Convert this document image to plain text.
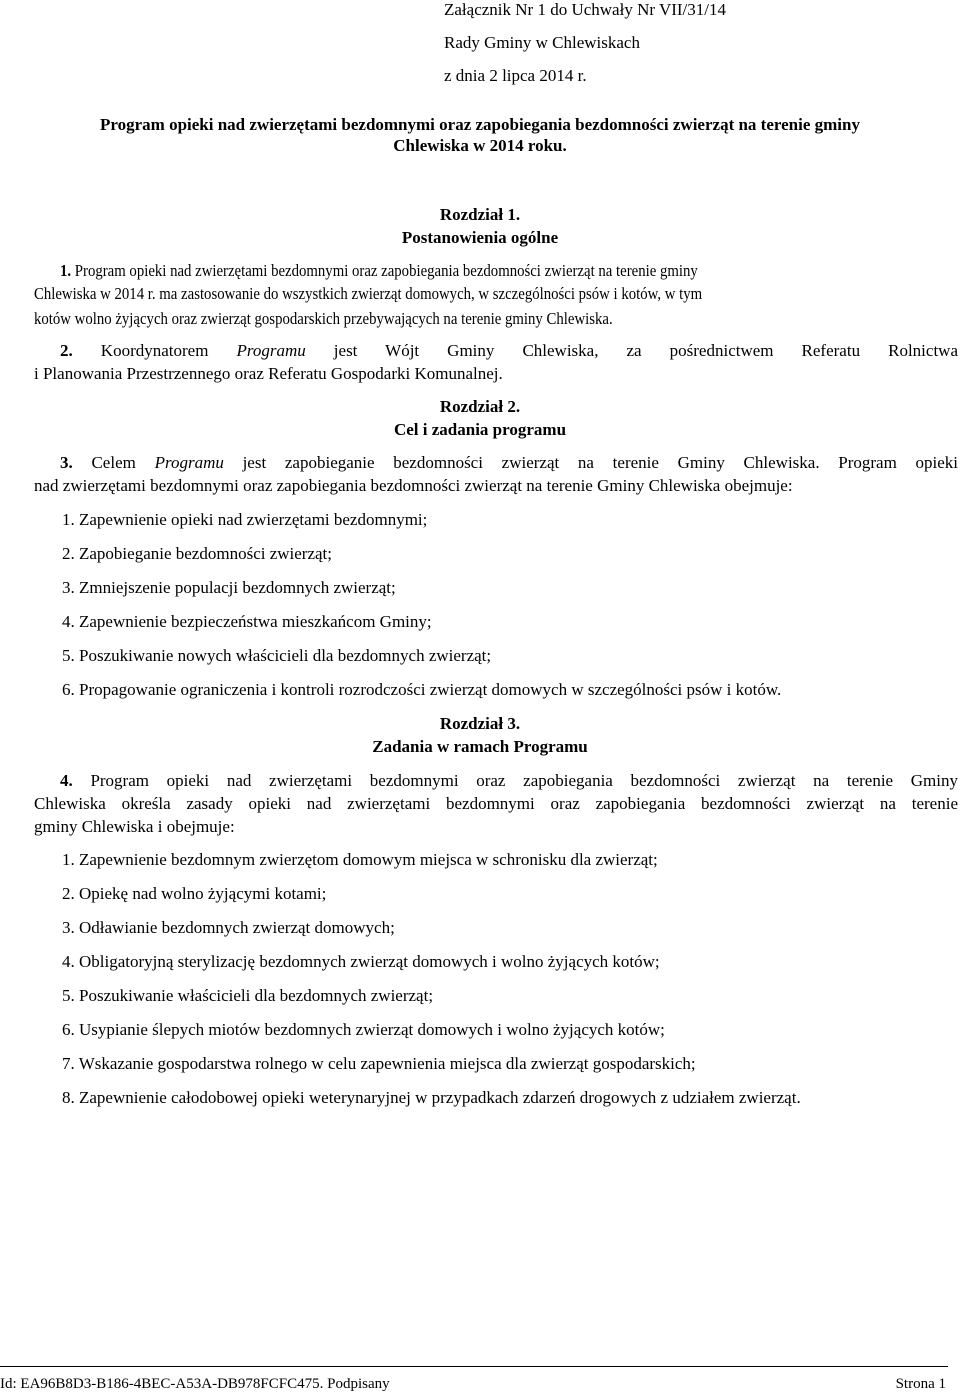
Załącznik Nr 1 do Uchwały Nr VII/31/14
Rady Gminy w Chlewiskach
z dnia 2 lipca 2014 r.
Program opieki nad zwierzętami bezdomnymi oraz zapobiegania bezdomności zwierząt na terenie gminy
Chlewiska w 2014 roku.
Rozdział 1.
Postanowienia ogólne
1. Program opieki nad zwierzętami bezdomnymi oraz zapobiegania bezdomności zwierząt na terenie gminy
Chlewiska w 2014 r. ma zastosowanie do wszystkich zwierząt domowych, w szczególności psów i kotów, w tym
kotów wolno żyjących oraz zwierząt gospodarskich przebywających na terenie gminy Chlewiska.
2. Koordynatorem Programu jest Wójt Gminy Chlewiska, za pośrednictwem Referatu Rolnictwa
i Planowania Przestrzennego oraz Referatu Gospodarki Komunalnej.
Rozdział 2.
Cel i zadania programu
3. Celem Programu jest zapobieganie bezdomności zwierząt na terenie Gminy Chlewiska. Program opieki
nad zwierzętami bezdomnymi oraz zapobiegania bezdomności zwierząt na terenie Gminy Chlewiska obejmuje:
1. Zapewnienie opieki nad zwierzętami bezdomnymi;
2. Zapobieganie bezdomności zwierząt;
3. Zmniejszenie populacji bezdomnych zwierząt;
4. Zapewnienie bezpieczeństwa mieszkańcom Gminy;
5. Poszukiwanie nowych właścicieli dla bezdomnych zwierząt;
6. Propagowanie ograniczenia i kontroli rozrodczości zwierząt domowych w szczególności psów i kotów.
Rozdział 3.
Zadania w ramach Programu
4. Program opieki nad zwierzętami bezdomnymi oraz zapobiegania bezdomności zwierząt na terenie Gminy
Chlewiska określa zasady opieki nad zwierzętami bezdomnymi oraz zapobiegania bezdomności zwierząt na terenie
gminy Chlewiska i obejmuje:
1. Zapewnienie bezdomnym zwierzętom domowym miejsca w schronisku dla zwierząt;
2. Opiekę nad wolno żyjącymi kotami;
3. Odławianie bezdomnych zwierząt domowych;
4. Obligatoryjną sterylizację bezdomnych zwierząt domowych i wolno żyjących kotów;
5. Poszukiwanie właścicieli dla bezdomnych zwierząt;
6. Usypianie ślepych miotów bezdomnych zwierząt domowych i wolno żyjących kotów;
7. Wskazanie gospodarstwa rolnego w celu zapewnienia miejsca dla zwierząt gospodarskich;
8. Zapewnienie całodobowej opieki weterynaryjnej w przypadkach zdarzeń drogowych z udziałem zwierząt.
Id: EA96B8D3-B186-4BEC-A53A-DB978FCFC475. Podpisany	Strona 1
